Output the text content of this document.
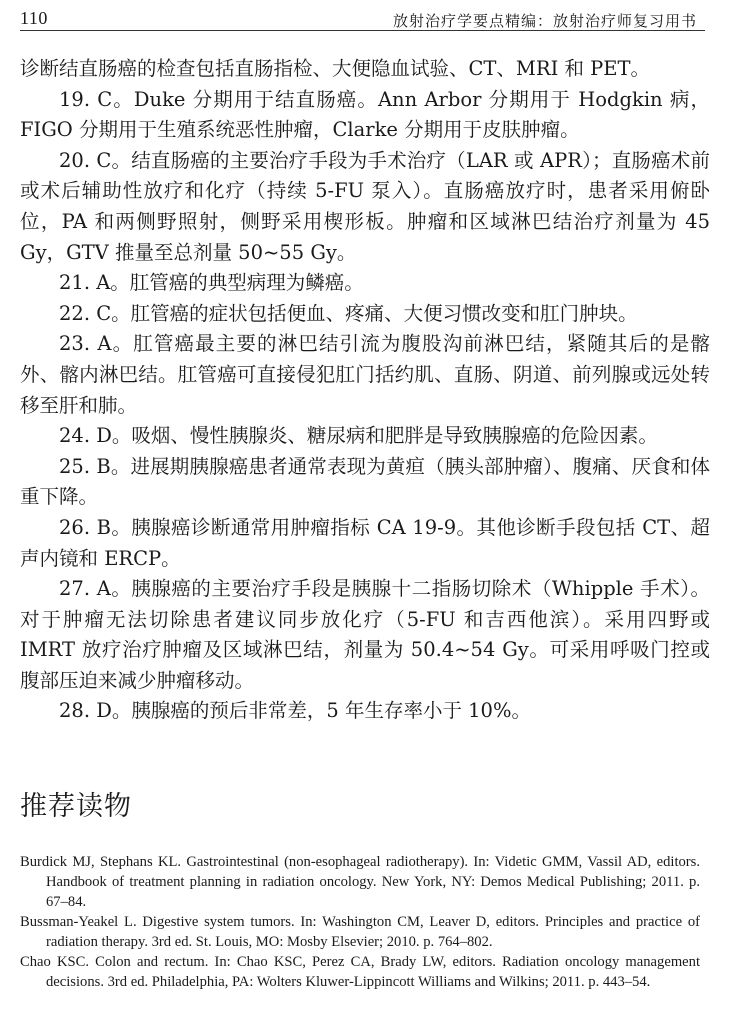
110	放射治疗学要点精编：放射治疗师复习用书

诊断结直肠癌的检查包括直肠指检、大便隐血试验、CT、MRI 和 PET。

19. C。Duke 分期用于结直肠癌。Ann Arbor 分期用于 Hodgkin 病，FIGO 分期用于生殖系统恶性肿瘤，Clarke 分期用于皮肤肿瘤。

20. C。结直肠癌的主要治疗手段为手术治疗（LAR 或 APR）；直肠癌术前或术后辅助性放疗和化疗（持续 5-FU 泵入）。直肠癌放疗时，患者采用俯卧位，PA 和两侧野照射，侧野采用楔形板。肿瘤和区域淋巴结治疗剂量为 45 Gy，GTV 推量至总剂量 50~55 Gy。

21. A。肛管癌的典型病理为鳞癌。

22. C。肛管癌的症状包括便血、疼痛、大便习惯改变和肛门肿块。

23. A。肛管癌最主要的淋巴结引流为腹股沟前淋巴结，紧随其后的是髂外、髂内淋巴结。肛管癌可直接侵犯肛门括约肌、直肠、阴道、前列腺或远处转移至肝和肺。

24. D。吸烟、慢性胰腺炎、糖尿病和肥胖是导致胰腺癌的危险因素。

25. B。进展期胰腺癌患者通常表现为黄疸（胰头部肿瘤）、腹痛、厌食和体重下降。

26. B。胰腺癌诊断通常用肿瘤指标 CA 19-9。其他诊断手段包括 CT、超声内镜和 ERCP。

27. A。胰腺癌的主要治疗手段是胰腺十二指肠切除术（Whipple 手术）。对于肿瘤无法切除患者建议同步放化疗（5-FU 和吉西他滨）。采用四野或 IMRT 放疗治疗肿瘤及区域淋巴结，剂量为 50.4~54 Gy。可采用呼吸门控或腹部压迫来减少肿瘤移动。

28. D。胰腺癌的预后非常差，5 年生存率小于 10%。

推荐读物

Burdick MJ, Stephans KL. Gastrointestinal (non-esophageal radiotherapy). In: Videtic GMM, Vassil AD, editors. Handbook of treatment planning in radiation oncology. New York, NY: Demos Medical Publishing; 2011. p. 67–84.

Bussman-Yeakel L. Digestive system tumors. In: Washington CM, Leaver D, editors. Principles and practice of radiation therapy. 3rd ed. St. Louis, MO: Mosby Elsevier; 2010. p. 764–802.

Chao KSC. Colon and rectum. In: Chao KSC, Perez CA, Brady LW, editors. Radiation oncology management decisions. 3rd ed. Philadelphia, PA: Wolters Kluwer-Lippincott Williams and Wilkins; 2011. p. 443–54.
